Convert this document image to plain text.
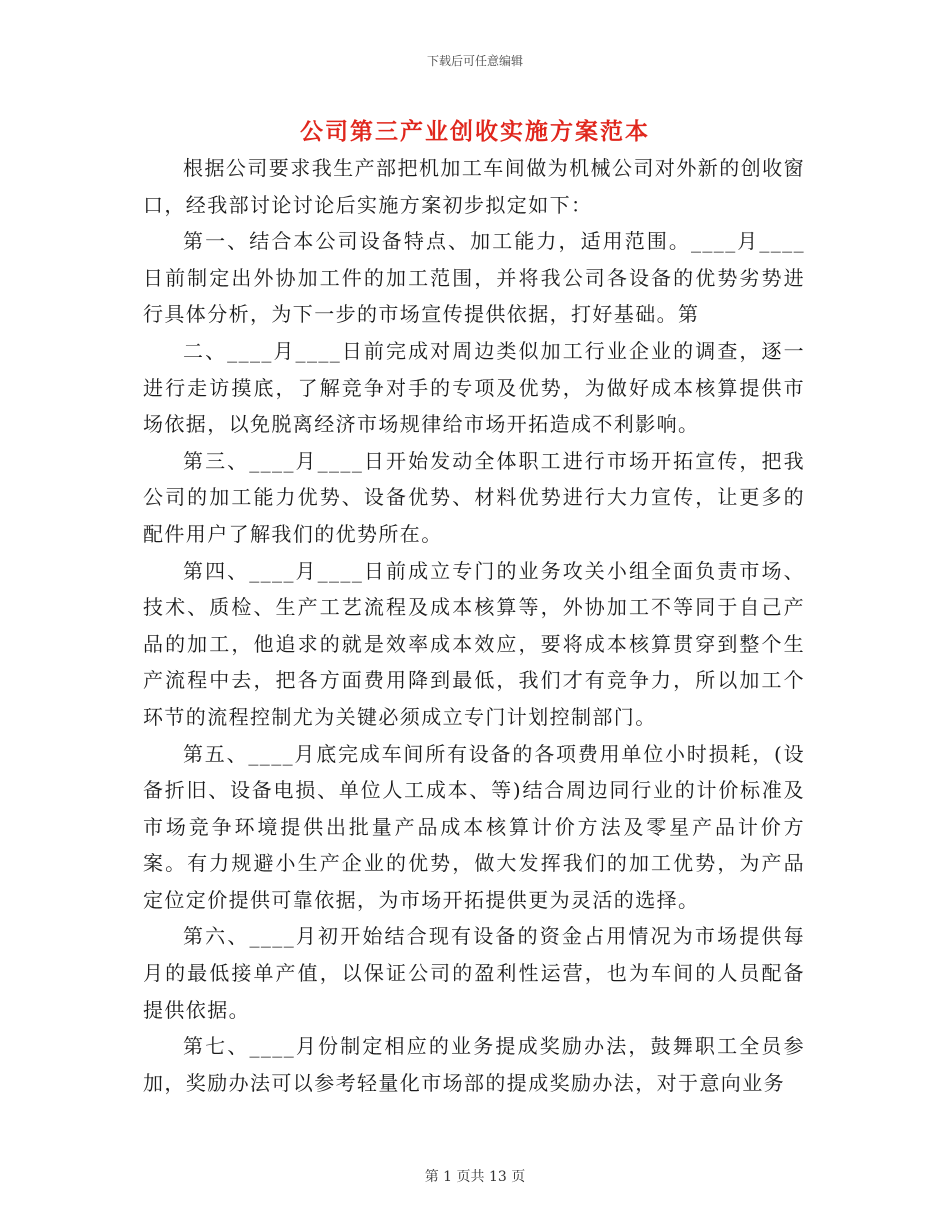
下载后可任意编辑
公司第三产业创收实施方案范本

根据公司要求我生产部把机加工车间做为机械公司对外新的创收窗口，经我部讨论讨论后实施方案初步拟定如下：

第一、结合本公司设备特点、加工能力，适用范围。____月____日前制定出外协加工件的加工范围，并将我公司各设备的优势劣势进行具体分析，为下一步的市场宣传提供依据，打好基础。第

二、____月____日前完成对周边类似加工行业企业的调查，逐一进行走访摸底，了解竞争对手的专项及优势，为做好成本核算提供市场依据，以免脱离经济市场规律给市场开拓造成不利影响。

第三、____月____日开始发动全体职工进行市场开拓宣传，把我公司的加工能力优势、设备优势、材料优势进行大力宣传，让更多的配件用户了解我们的优势所在。

第四、____月____日前成立专门的业务攻关小组全面负责市场、技术、质检、生产工艺流程及成本核算等，外协加工不等同于自己产品的加工，他追求的就是效率成本效应，要将成本核算贯穿到整个生产流程中去，把各方面费用降到最低，我们才有竞争力，所以加工个环节的流程控制尤为关键必须成立专门计划控制部门。

第五、____月底完成车间所有设备的各项费用单位小时损耗，(设备折旧、设备电损、单位人工成本、等)结合周边同行业的计价标准及市场竞争环境提供出批量产品成本核算计价方法及零星产品计价方案。有力规避小生产企业的优势，做大发挥我们的加工优势，为产品定位定价提供可靠依据，为市场开拓提供更为灵活的选择。

第六、____月初开始结合现有设备的资金占用情况为市场提供每月的最低接单产值，以保证公司的盈利性运营，也为车间的人员配备提供依据。

第七、____月份制定相应的业务提成奖励办法，鼓舞职工全员参加，奖励办法可以参考轻量化市场部的提成奖励办法，对于意向业务

第 1 页共 13 页
